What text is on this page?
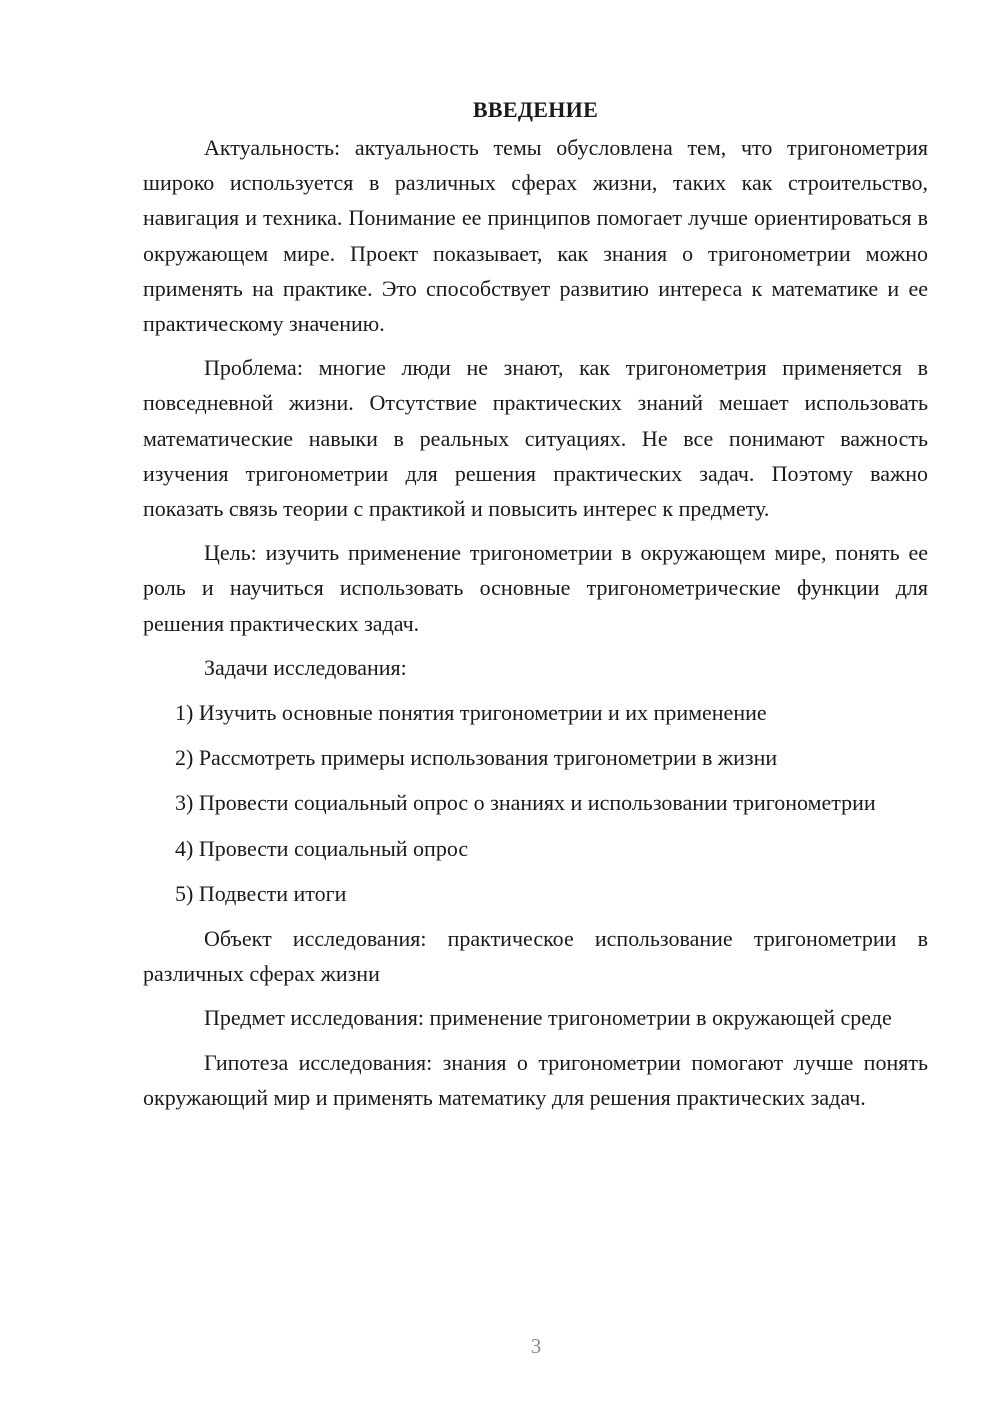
ВВЕДЕНИЕ

Актуальность: актуальность темы обусловлена тем, что тригонометрия широко используется в различных сферах жизни, таких как строительство, навигация и техника. Понимание ее принципов помогает лучше ориентироваться в окружающем мире. Проект показывает, как знания о тригонометрии можно применять на практике. Это способствует развитию интереса к математике и ее практическому значению.

Проблема: многие люди не знают, как тригонометрия применяется в повседневной жизни. Отсутствие практических знаний мешает использовать математические навыки в реальных ситуациях. Не все понимают важность изучения тригонометрии для решения практических задач. Поэтому важно показать связь теории с практикой и повысить интерес к предмету.

Цель: изучить применение тригонометрии в окружающем мире, понять ее роль и научиться использовать основные тригонометрические функции для решения практических задач.

Задачи исследования:

1) Изучить основные понятия тригонометрии и их применение

2) Рассмотреть примеры использования тригонометрии в жизни

3) Провести социальный опрос о знаниях и использовании тригонометрии

4) Провести социальный опрос

5) Подвести итоги

Объект исследования: практическое использование тригонометрии в различных сферах жизни

Предмет исследования: применение тригонометрии в окружающей среде

Гипотеза исследования: знания о тригонометрии помогают лучше понять окружающий мир и применять математику для решения практических задач.

3
